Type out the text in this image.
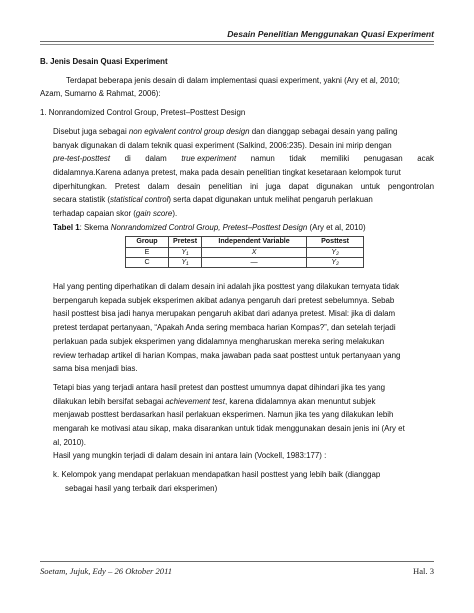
Desain Penelitian Menggunakan Quasi Experiment
B. Jenis Desain Quasi Experiment
Terdapat beberapa jenis desain di dalam implementasi quasi experiment, yakni (Ary et al, 2010;
Azam, Sumarno & Rahmat, 2006):
1. Nonrandomized Control Group, Pretest–Posttest Design
Disebut juga sebagai non egivalent control group design dan dianggap sebagai desain yang paling
banyak digunakan di dalam teknik quasi experiment (Salkind, 2006:235). Desain ini mirip dengan
pre-test-posttest di dalam true experiment namun tidak memiliki penugasan acak
didalamnya.Karena adanya pretest, maka pada desain penelitian tingkat kesetaraan kelompok turut
diperhitungkan. Pretest dalam desain penelitian ini juga dapat digunakan untuk pengontrolan
secara statistik (statistical control) serta dapat digunakan untuk melihat pengaruh perlakuan
terhadap capaian skor (gain score).
Tabel 1: Skema Nonrandomized Control Group, Pretest–Posttest Design (Ary et al, 2010)
Group	Pretest	Independent Variable	Posttest
E	Y₁	X	Y₂
C	Y₁	—	Y₂
Hal yang penting diperhatikan di dalam desain ini adalah jika posttest yang dilakukan ternyata tidak
berpengaruh kepada subjek eksperimen akibat adanya pengaruh dari pretest sebelumnya. Sebab
hasil posttest bisa jadi hanya merupakan pengaruh akibat dari adanya pretest. Misal: jika di dalam
pretest terdapat pertanyaan, “Apakah Anda sering membaca harian Kompas?”, dan setelah terjadi
perlakuan pada subjek eksperimen yang didalamnya mengharuskan mereka sering melakukan
review terhadap artikel di harian Kompas, maka jawaban pada saat posttest untuk pertanyaan yang
sama bisa menjadi bias.
Tetapi bias yang terjadi antara hasil pretest dan posttest umumnya dapat dihindari jika tes yang
dilakukan lebih bersifat sebagai achievement test, karena didalamnya akan menuntut subjek
menjawab posttest berdasarkan hasil perlakuan eksperimen. Namun jika tes yang dilakukan lebih
mengarah ke motivasi atau sikap, maka disarankan untuk tidak menggunakan desain jenis ini (Ary et
al, 2010).
Hasil yang mungkin terjadi di dalam desain ini antara lain (Vockell, 1983:177) :
k. Kelompok yang mendapat perlakuan mendapatkan hasil posttest yang lebih baik (dianggap
sebagai hasil yang terbaik dari eksperimen)
Soetam, Jujuk, Edy – 26 Oktober 2011	Hal. 3
